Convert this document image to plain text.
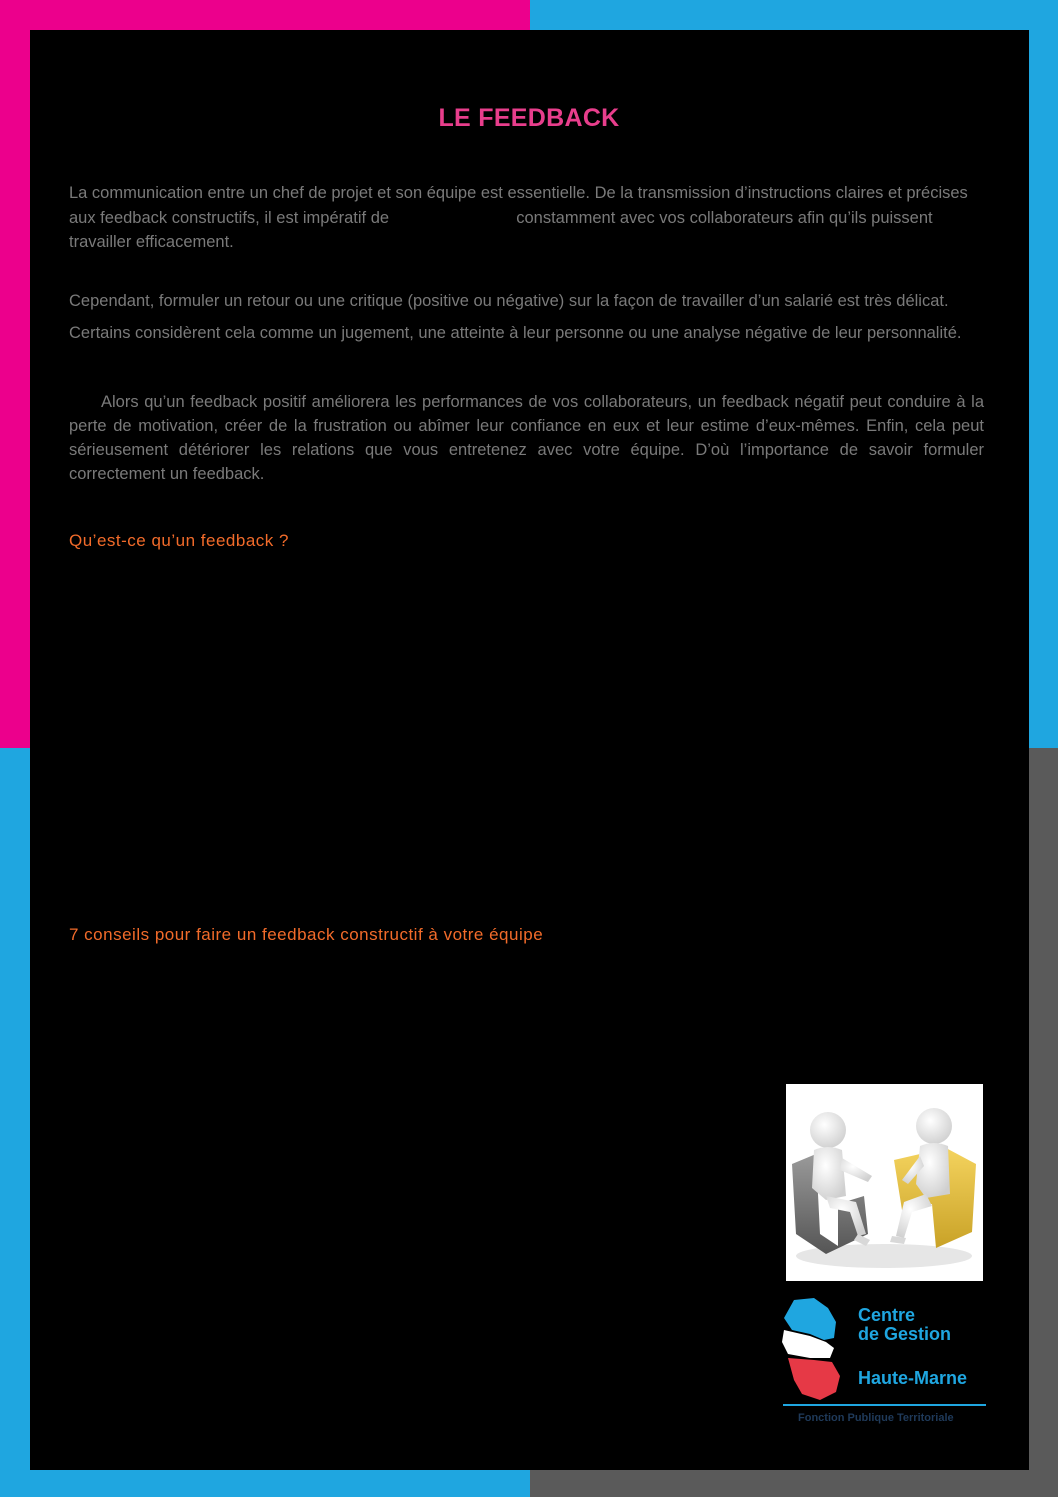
LE FEEDBACK

La communication entre un chef de projet et son équipe est essentielle. De la transmission d’instructions claires et précises aux feedback constructifs, il est impératif de	constamment avec vos collaborateurs afin qu’ils puissent travailler efficacement.

Cependant, formuler un retour ou une critique (positive ou négative) sur la façon de travailler d’un salarié est très délicat. Certains considèrent cela comme un jugement, une atteinte à leur personne ou une analyse négative de leur personnalité.

Alors qu’un feedback positif améliorera les performances de vos collaborateurs, un feedback négatif peut conduire à la perte de motivation, créer de la frustration ou abîmer leur confiance en eux et leur estime d’eux-mêmes. Enfin, cela peut sérieusement détériorer les relations que vous entretenez avec votre équipe. D’où l’importance de savoir formuler correctement un feedback.

Qu’est-ce qu’un feedback ?
7 conseils pour faire un feedback constructif à votre équipe
Centre
de Gestion
Haute-Marne
Fonction Publique Territoriale
